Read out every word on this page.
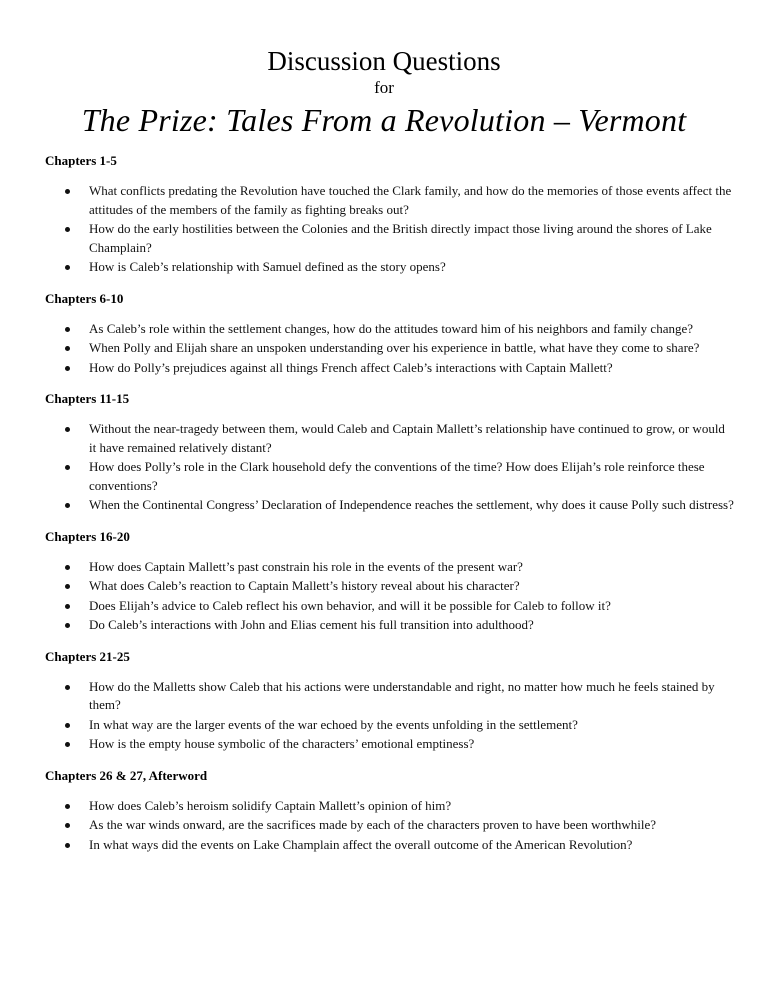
Discussion Questions
for
The Prize: Tales From a Revolution – Vermont
Chapters 1-5
What conflicts predating the Revolution have touched the Clark family, and how do the memories of those events affect the attitudes of the members of the family as fighting breaks out?
How do the early hostilities between the Colonies and the British directly impact those living around the shores of Lake Champlain?
How is Caleb’s relationship with Samuel defined as the story opens?
Chapters 6-10
As Caleb’s role within the settlement changes, how do the attitudes toward him of his neighbors and family change?
When Polly and Elijah share an unspoken understanding over his experience in battle, what have they come to share?
How do Polly’s prejudices against all things French affect Caleb’s interactions with Captain Mallett?
Chapters 11-15
Without the near-tragedy between them, would Caleb and Captain Mallett’s relationship have continued to grow, or would it have remained relatively distant?
How does Polly’s role in the Clark household defy the conventions of the time? How does Elijah’s role reinforce these conventions?
When the Continental Congress’ Declaration of Independence reaches the settlement, why does it cause Polly such distress?
Chapters 16-20
How does Captain Mallett’s past constrain his role in the events of the present war?
What does Caleb’s reaction to Captain Mallett’s history reveal about his character?
Does Elijah’s advice to Caleb reflect his own behavior, and will it be possible for Caleb to follow it?
Do Caleb’s interactions with John and Elias cement his full transition into adulthood?
Chapters 21-25
How do the Malletts show Caleb that his actions were understandable and right, no matter how much he feels stained by them?
In what way are the larger events of the war echoed by the events unfolding in the settlement?
How is the empty house symbolic of the characters’ emotional emptiness?
Chapters 26 & 27, Afterword
How does Caleb’s heroism solidify Captain Mallett’s opinion of him?
As the war winds onward, are the sacrifices made by each of the characters proven to have been worthwhile?
In what ways did the events on Lake Champlain affect the overall outcome of the American Revolution?
